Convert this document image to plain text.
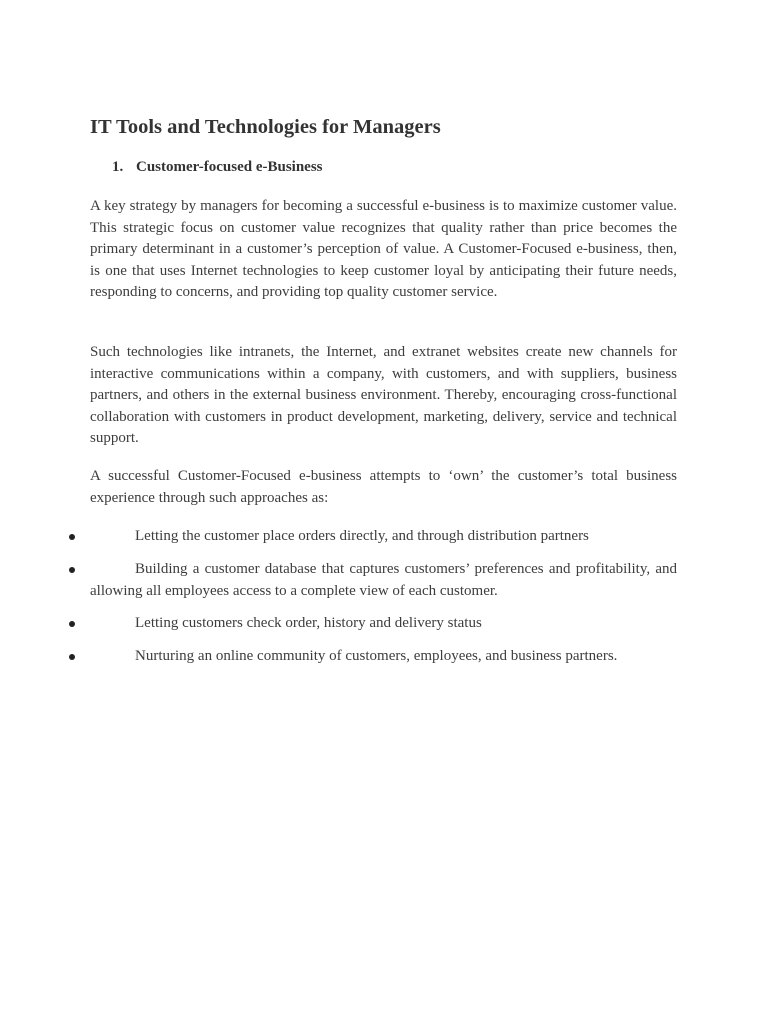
IT Tools and Technologies for Managers
1. Customer-focused e-Business

A key strategy by managers for becoming a successful e-business is to maximize customer value. This strategic focus on customer value recognizes that quality rather than price becomes the primary determinant in a customer’s perception of value. A Customer-Focused e-business, then, is one that uses Internet technologies to keep customer loyal by anticipating their future needs, responding to concerns, and providing top quality customer service.

Such technologies like intranets, the Internet, and extranet websites create new channels for interactive communications within a company, with customers, and with suppliers, business partners, and others in the external business environment. Thereby, encouraging cross-functional collaboration with customers in product development, marketing, delivery, service and technical support.

A successful Customer-Focused e-business attempts to ‘own’ the customer’s total business experience through such approaches as:

Letting the customer place orders directly, and through distribution partners
Building a customer database that captures customers’ preferences and profitability, and allowing all employees access to a complete view of each customer.
Letting customers check order, history and delivery status
Nurturing an online community of customers, employees, and business partners.
